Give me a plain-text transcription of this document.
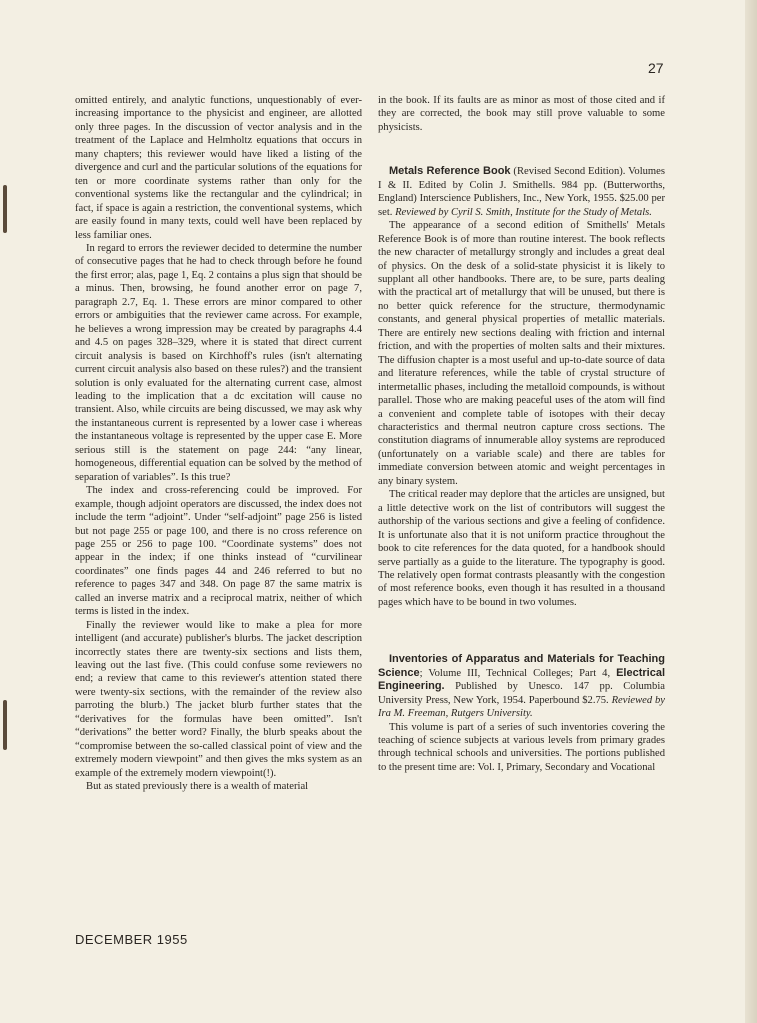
27

omitted entirely, and analytic functions, unquestionably of ever-increasing importance to the physicist and engineer, are allotted only three pages. In the discussion of vector analysis and in the treatment of the Laplace and Helmholtz equations that occurs in many chapters; this reviewer would have liked a listing of the divergence and curl and the particular solutions of the equations for ten or more coordinate systems rather than only for the conventional systems like the rectangular and the cylindrical; in fact, if space is again a restriction, the conventional systems, which are easily found in many texts, could well have been replaced by less familiar ones.

In regard to errors the reviewer decided to determine the number of consecutive pages that he had to check through before he found the first error; alas, page 1, Eq. 2 contains a plus sign that should be a minus. Then, browsing, he found another error on page 7, paragraph 2.7, Eq. 1. These errors are minor compared to other errors or ambiguities that the reviewer came across. For example, he believes a wrong impression may be created by paragraphs 4.4 and 4.5 on pages 328–329, where it is stated that direct current circuit analysis is based on Kirchhoff's rules (isn't alternating current circuit analysis also based on these rules?) and the transient solution is only evaluated for the alternating current case, almost leading to the implication that a dc excitation will cause no transient. Also, while circuits are being discussed, we may ask why the instantaneous current is represented by a lower case i whereas the instantaneous voltage is represented by the upper case E. More serious still is the statement on page 244: “any linear, homogeneous, differential equation can be solved by the method of separation of variables”. Is this true?

The index and cross-referencing could be improved. For example, though adjoint operators are discussed, the index does not include the term “adjoint”. Under “self-adjoint” page 256 is listed but not page 255 or page 100, and there is no cross reference on page 255 or 256 to page 100. “Coordinate systems” does not appear in the index; if one thinks instead of “curvilinear coordinates” one finds pages 44 and 246 referred to but no reference to pages 347 and 348. On page 87 the same matrix is called an inverse matrix and a reciprocal matrix, neither of which terms is listed in the index.

Finally the reviewer would like to make a plea for more intelligent (and accurate) publisher's blurbs. The jacket description incorrectly states there are twenty-six sections and lists them, leaving out the last five. (This could confuse some reviewers no end; a review that came to this reviewer's attention stated there were twenty-six sections, with the remainder of the review also parroting the blurb.) The jacket blurb further states that the “derivatives for the formulas have been omitted”. Isn't “derivations” the better word? Finally, the blurb speaks about the “compromise between the so-called classical point of view and the extremely modern viewpoint” and then gives the mks system as an example of the extremely modern viewpoint(!).

But as stated previously there is a wealth of material

in the book. If its faults are as minor as most of those cited and if they are corrected, the book may still prove valuable to some physicists.

Metals Reference Book (Revised Second Edition). Volumes I & II. Edited by Colin J. Smithells. 984 pp. (Butterworths, England) Interscience Publishers, Inc., New York, 1955. $25.00 per set. Reviewed by Cyril S. Smith, Institute for the Study of Metals.

The appearance of a second edition of Smithells' Metals Reference Book is of more than routine interest. The book reflects the new character of metallurgy strongly and includes a great deal of physics. On the desk of a solid-state physicist it is likely to supplant all other handbooks. There are, to be sure, parts dealing with the practical art of metallurgy that will be unused, but there is no better quick reference for the structure, thermodynamic constants, and general physical properties of metallic materials. There are entirely new sections dealing with friction and internal friction, and with the properties of molten salts and their mixtures. The diffusion chapter is a most useful and up-to-date source of data and literature references, while the table of crystal structure of intermetallic phases, including the metalloid compounds, is without parallel. Those who are making peaceful uses of the atom will find a convenient and complete table of isotopes with their decay characteristics and thermal neutron capture cross sections. The constitution diagrams of innumerable alloy systems are reproduced (unfortunately on a variable scale) and there are tables for immediate conversion between atomic and weight percentages in any binary system.

The critical reader may deplore that the articles are unsigned, but a little detective work on the list of contributors will suggest the authorship of the various sections and give a feeling of confidence. It is unfortunate also that it is not uniform practice throughout the book to cite references for the data quoted, for a handbook should serve partially as a guide to the literature. The typography is good. The relatively open format contrasts pleasantly with the congestion of most reference books, even though it has resulted in a thousand pages which have to be bound in two volumes.

Inventories of Apparatus and Materials for Teaching Science; Volume III, Technical Colleges; Part 4, Electrical Engineering. Published by Unesco. 147 pp. Columbia University Press, New York, 1954. Paperbound $2.75. Reviewed by Ira M. Freeman, Rutgers University.

This volume is part of a series of such inventories covering the teaching of science subjects at various levels from primary grades through technical schools and universities. The portions published to the present time are: Vol. I, Primary, Secondary and Vocational

DECEMBER 1955
